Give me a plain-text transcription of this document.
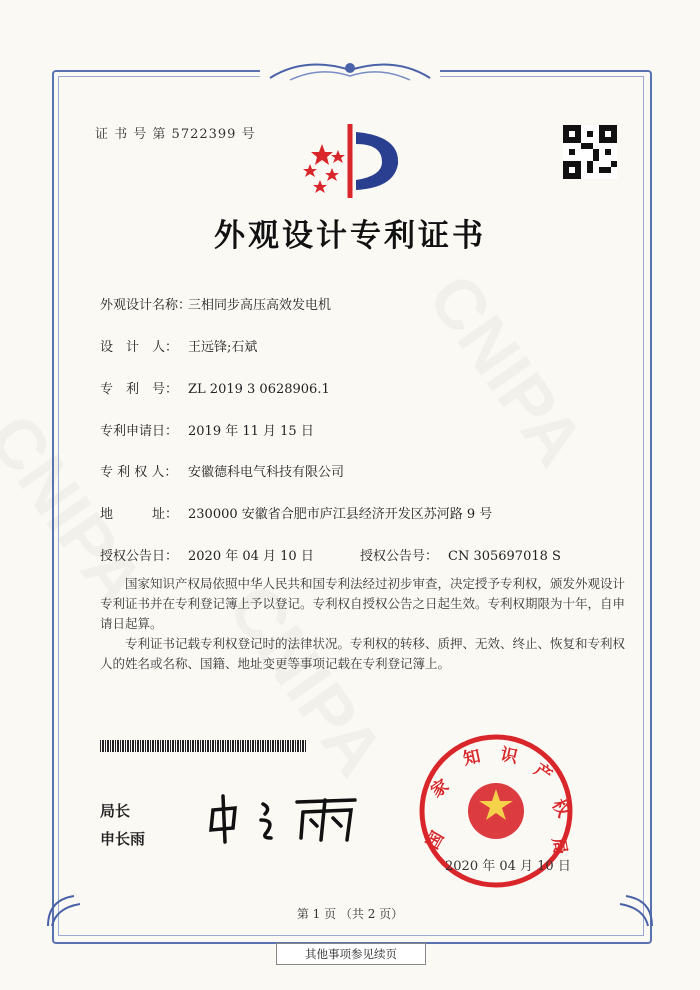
证 书 号 第 5722399 号
外观设计专利证书
外观设计名称：三相同步高压高效发电机
设　计　人： 王远锋;石斌
专　利　号： ZL 2019 3 0628906.1
专利申请日： 2019 年 11 月 15 日
专 利 权 人： 安徽德科电气科技有限公司
地　　　址： 230000 安徽省合肥市庐江县经济开发区苏河路 9 号
授权公告日： 2020 年 04 月 10 日	授权公告号： CN 305697018 S

国家知识产权局依照中华人民共和国专利法经过初步审查，决定授予专利权，颁发外观设计专利证书并在专利登记簿上予以登记。专利权自授权公告之日起生效。专利权期限为十年，自申请日起算。

专利证书记载专利权登记时的法律状况。专利权的转移、质押、无效、终止、恢复和专利权人的姓名或名称、国籍、地址变更等事项记载在专利登记簿上。

局长
申长雨	国
家
知 识
产
权
局
2020 年 04 月 10 日
第 1 页 （共 2 页）
其他事项参见续页
